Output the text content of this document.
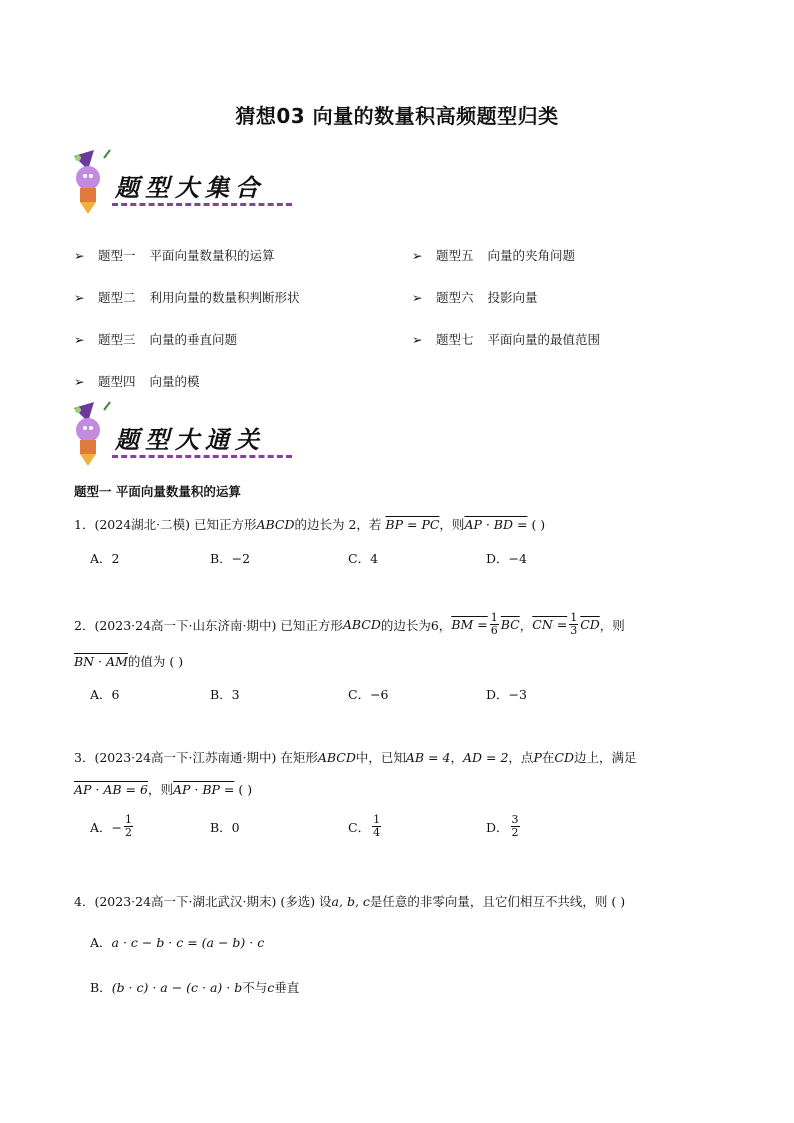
猜想03 向量的数量积高频题型归类
题型大集合
➢	题型一 平面向量数量积的运算
➢	题型二 利用向量的数量积判断形状
➢	题型三 向量的垂直问题
➢	题型四 向量的模
➢	题型五 向量的夹角问题
➢	题型六 投影向量
➢	题型七 平面向量的最值范围
题型大通关
题型一 平面向量数量积的运算
1．(2024湖北·二模) 已知正方形ABCD的边长为 2，若 BP = PC，则AP · BD = ( )
A．2	B．−2	C．4	D．−4
2．(2023·24高一下·山东济南·期中) 已知正方形 ABCD 的边长为6， BM = $\frac{1}{6} \overline{BC}$ ， CN = $\frac{1}{3} \overline{CD}$ ，则
BN · AM的值为 ( )
A．6	B．3	C．−6	D．−3
3．(2023·24高一下·江苏南通·期中) 在矩形ABCD中，已知AB = 4，AD = 2，点P在CD边上，满足
AP · AB = 6，则AP · BP = ( )
A．− $\frac{1}{2}$	B．0	C． $\frac{1}{4}$	D． $\frac{3}{2}$
4．(2023·24高一下·湖北武汉·期末) (多选) 设a, b, c是任意的非零向量，且它们相互不共线，则 ( )
A．a · c − b · c = (a − b) · c
B．(b · c) · a − (c · a) · b不与c垂直
